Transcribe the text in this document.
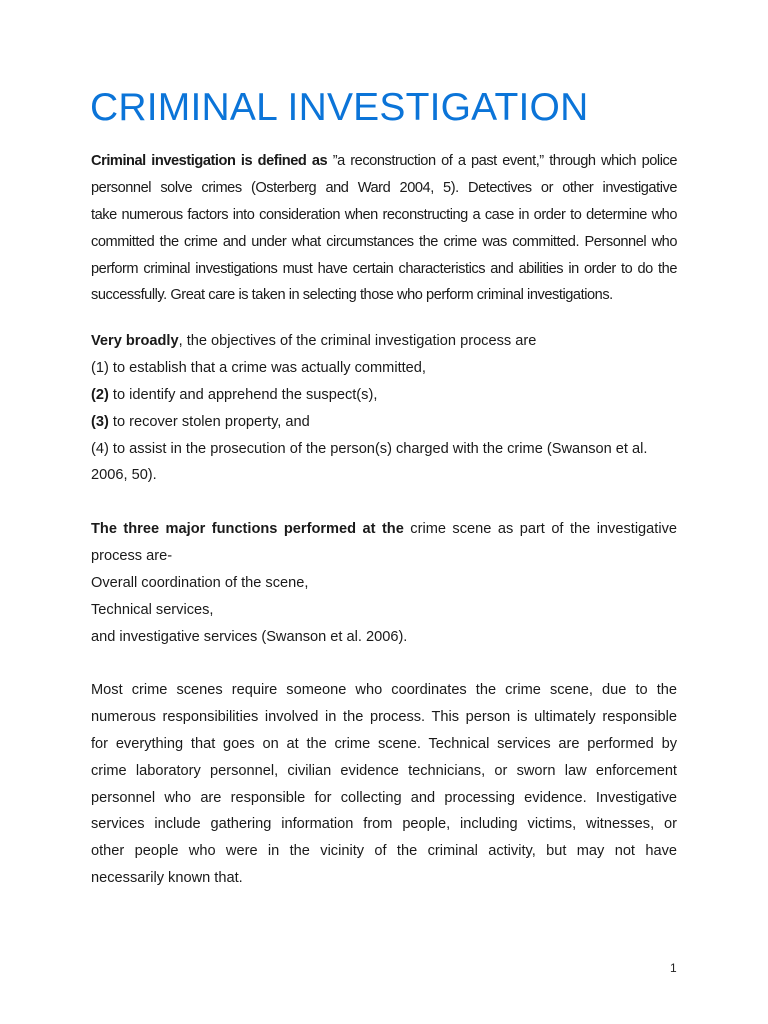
CRIMINAL INVESTIGATION
Criminal investigation is defined as ”a reconstruction of a past event,” through which police
personnel solve crimes (Osterberg and Ward 2004, 5). Detectives or other investigative
take numerous factors into consideration when reconstructing a case in order to determine who
committed the crime and under what circumstances the crime was committed. Personnel who
perform criminal investigations must have certain characteristics and abilities in order to do the
successfully. Great care is taken in selecting those who perform criminal investigations.
Very broadly, the objectives of the criminal investigation process are
(1) to establish that a crime was actually committed,
(2) to identify and apprehend the suspect(s),
(3) to recover stolen property, and
(4) to assist in the prosecution of the person(s) charged with the crime (Swanson et al.
2006, 50).
The three major functions performed at the crime scene as part of the investigative
process are-
Overall coordination of the scene,
Technical services,
and investigative services (Swanson et al. 2006).
Most crime scenes require someone who coordinates the crime scene, due to the
numerous responsibilities involved in the process. This person is ultimately responsible
for everything that goes on at the crime scene. Technical services are performed by
crime laboratory personnel, civilian evidence technicians, or sworn law enforcement
personnel who are responsible for collecting and processing evidence. Investigative
services include gathering information from people, including victims, witnesses, or
other people who were in the vicinity of the criminal activity, but may not have
necessarily known that.
1
